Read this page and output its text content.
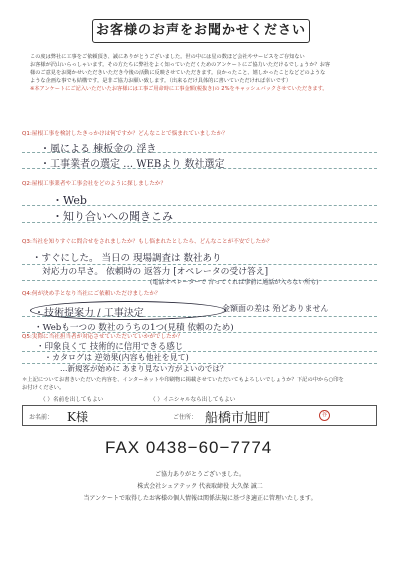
お客様のお声をお聞かせください
この度は弊社に工事をご依頼頂き、誠にありがとうございました。世の中には星の数ほど会社やサービスをご存知ない
お客様が沢山いらっしゃいます。その方たちに弊社をよく知っていただくためのアンケートにご協力いただけるでしょうか？お客
様のご意見をお聞かせいただきいただき今後の活動に反映させていただきます。良かったこと、嬉しかったことなどどのような
ような企画な事でも結構です。是非ご協力お願い致します。（出来るだけ具体的に書いていただければ幸いです）
※本アンケートにご記入いただいたお客様には工事ご用命時に工事金額(税抜き)の 2%をキャッシュバックさせていただきます。
Q1:屋根工事を検討したきっかけは何ですか？どんなことで悩まれていましたか？
・風による 棟板金の 浮き
・工事業者の選定 … WEBより 数社選定
Q2:屋根工事業者や工事会社をどのように探しましたか？
・Web
・知り合いへの聞きこみ
Q3:当社を知りすぐに問合せをされましたか？もし悩まれたとしたら、どんなことが不安でしたか？
・すぐにした。 当日の 現場調査は 数社あり
対応力の早さ。 依頼時の 返答力 [オペレータの受け答え]
(電話オペレーターで 言ってくれば事前に通話が入らない所も)
Q4:何が決め手となり当社にご依頼いただけましたか？
・技術提案力 / 工事決定	金額面の差は 殆どありません
・Webも一つの 数社のうちの1つ(見積 依頼のため)
Q5:実際に当社担当者が対応させていただいていかがでしたか？
・印象良くて 技術的に信用できる感じ
・カタログは 逆効果(内容も他社を見て)
…新規客が始めに あまり見ない方がよいのでは？
＊上記についてお書きいただいた内容を、インターネットや印刷物に掲載させていただいてもよろしいでしょうか？下記の中から○印を
お付けください。
（ ）名前を出してもよい	（ ）イニシャルなら出してもよい
お名前： K様	ご住所： 船橋市旭町	谷
FAX 0438−60−7774
ご協力ありがとうございました。
株式会社シェアテック 代表取締役 大久保 誠二
当アンケートで取得したお客様の個人情報は関係法規に基づき適正に管理いたします。
